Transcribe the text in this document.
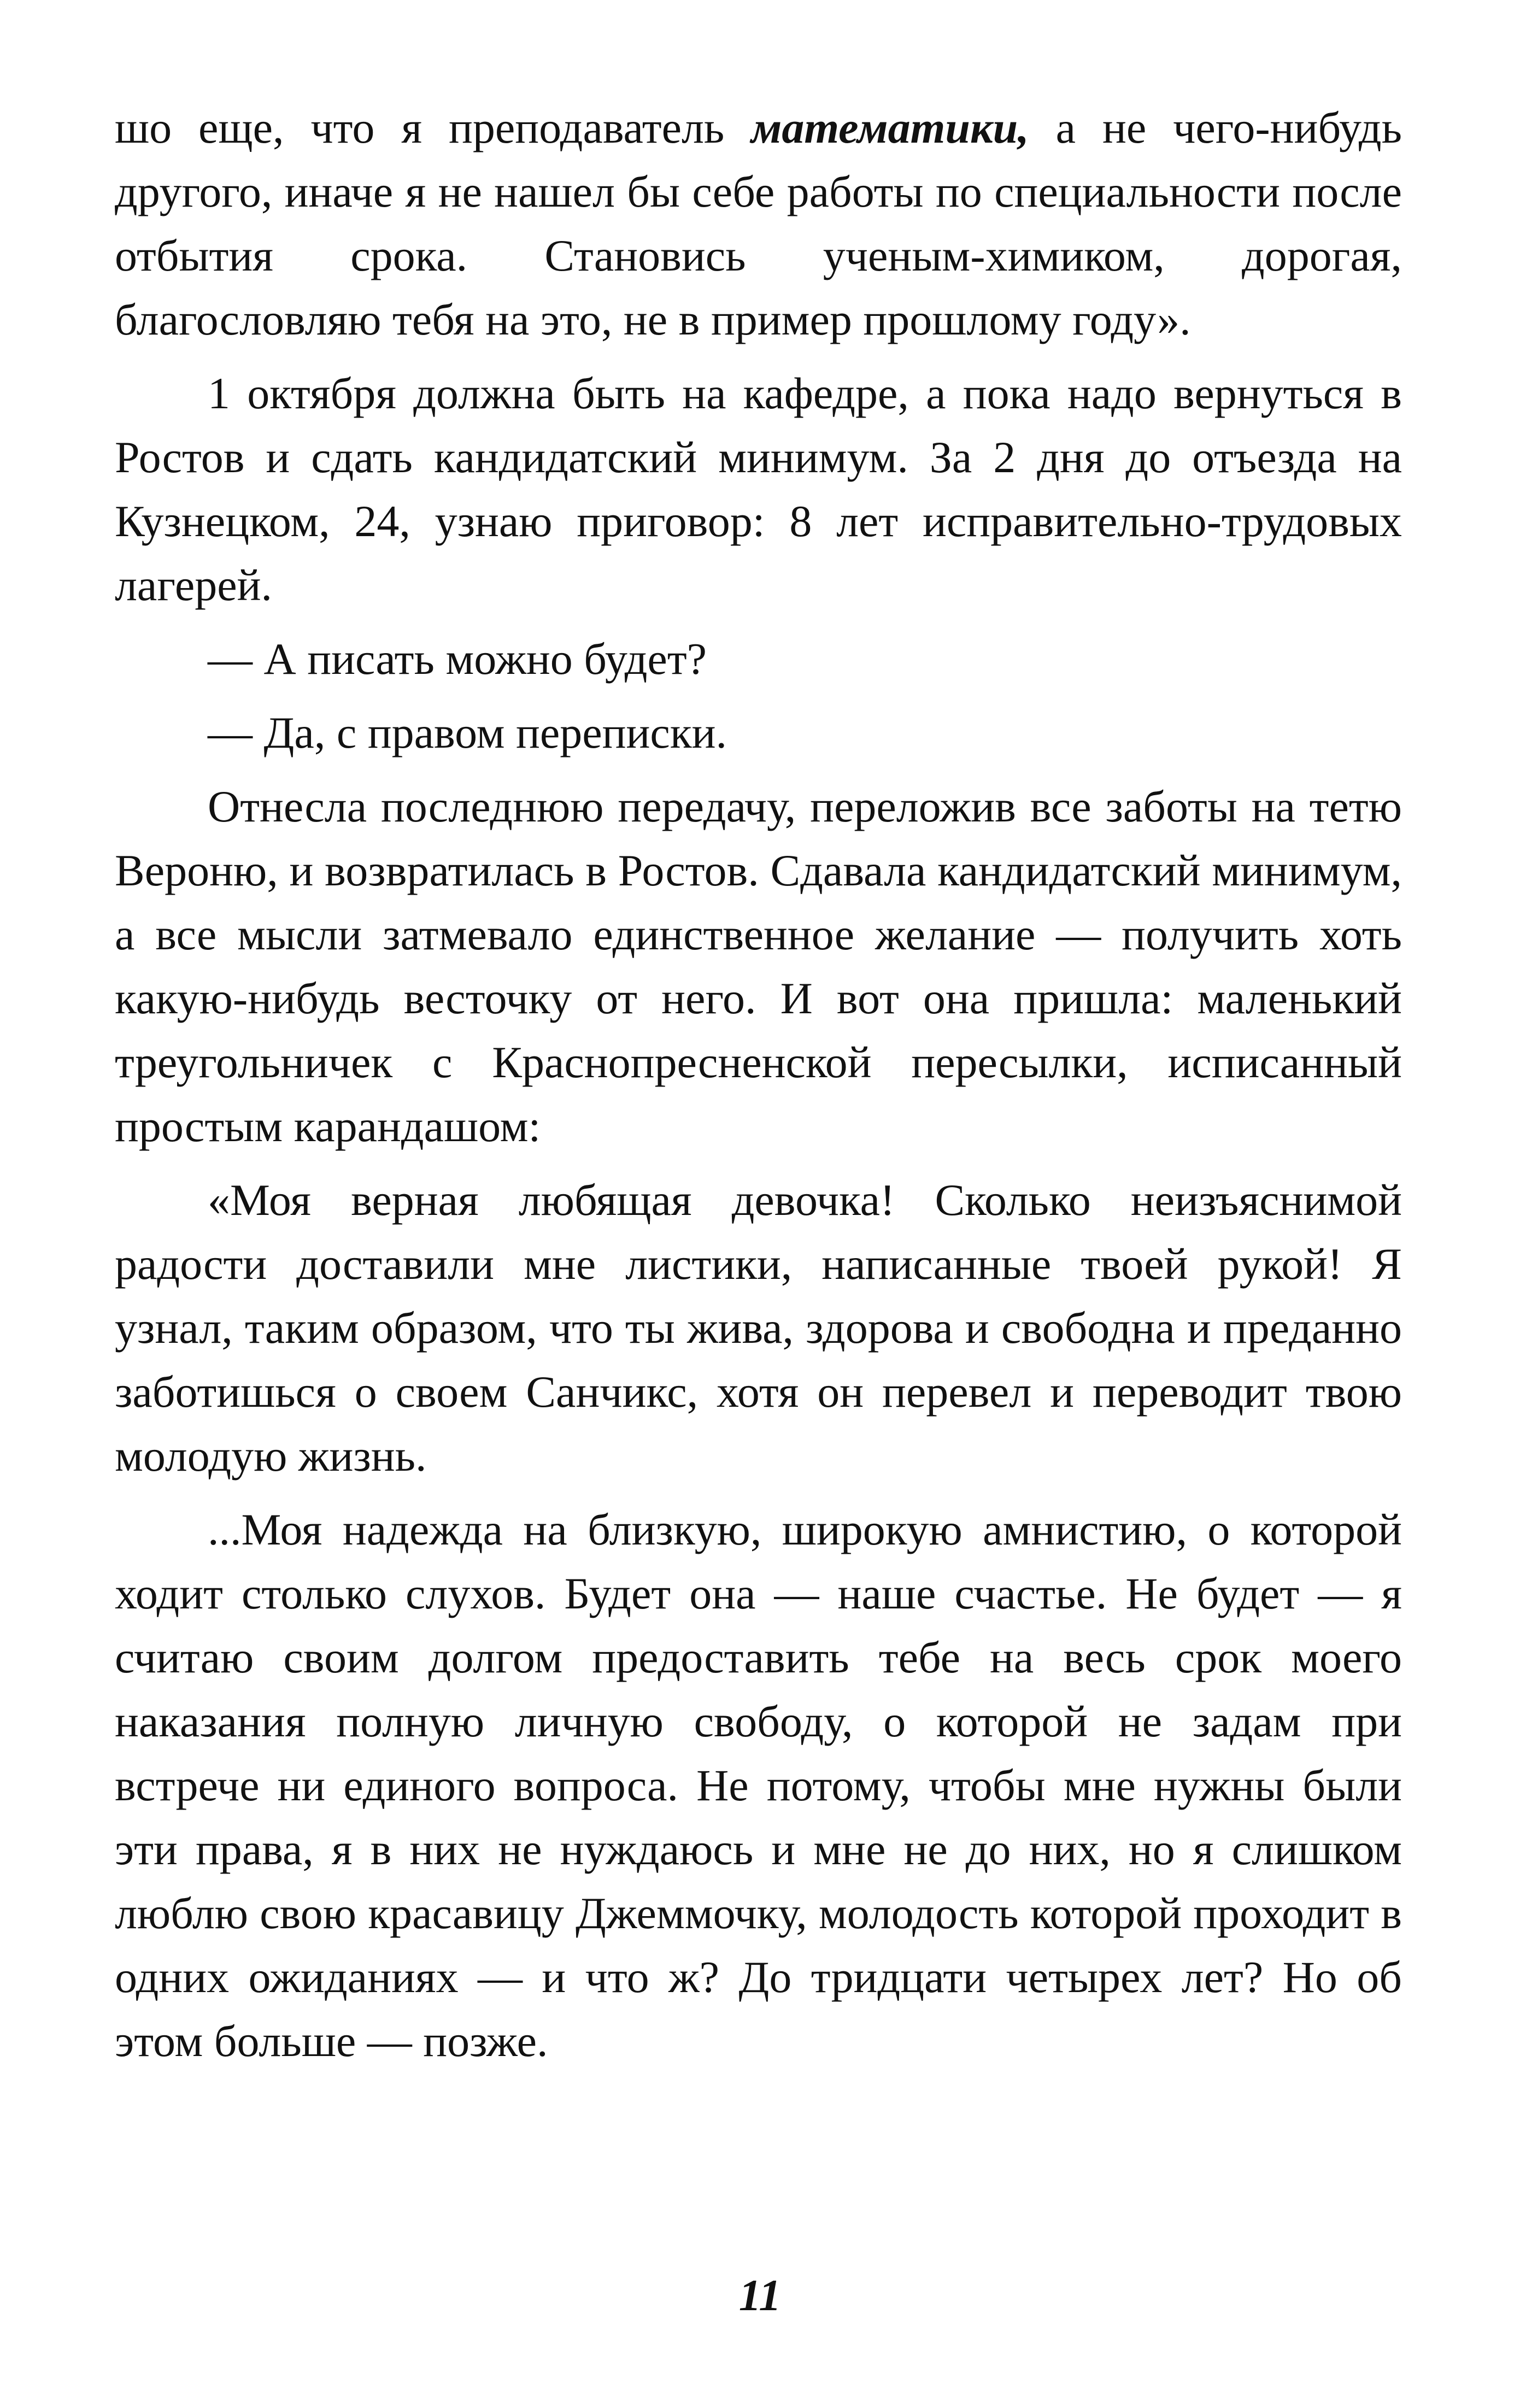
шо еще, что я преподаватель математики, а не чего-нибудь другого, иначе я не нашел бы себе работы по специальности после отбытия срока. Становись ученым-химиком, дорогая, благословляю тебя на это, не в пример прошлому году».

1 октября должна быть на кафедре, а пока надо вернуться в Ростов и сдать кандидатский минимум. За 2 дня до отъезда на Кузнецком, 24, узнаю приговор: 8 лет исправительно-трудовых лагерей.

— А писать можно будет?

— Да, с правом переписки.

Отнесла последнюю передачу, переложив все заботы на тетю Вероню, и возвратилась в Ростов. Сдавала кандидатский минимум, а все мысли затмевало единственное желание — получить хоть какую-нибудь весточку от него. И вот она пришла: маленький треугольничек с Краснопресненской пересылки, исписанный простым карандашом:

«Моя верная любящая девочка! Сколько неизъяснимой радости доставили мне листики, написанные твоей рукой! Я узнал, таким образом, что ты жива, здорова и свободна и преданно заботишься о своем Санчикс, хотя он перевел и переводит твою молодую жизнь.

...Моя надежда на близкую, широкую амнистию, о которой ходит столько слухов. Будет она — наше счастье. Не будет — я считаю своим долгом предоставить тебе на весь срок моего наказания полную личную свободу, о которой не задам при встрече ни единого вопроса. Не потому, чтобы мне нужны были эти права, я в них не нуждаюсь и мне не до них, но я слишком люблю свою красавицу Джеммочку, молодость которой проходит в одних ожиданиях — и что ж? До тридцати четырех лет? Но об этом больше — позже.

11
